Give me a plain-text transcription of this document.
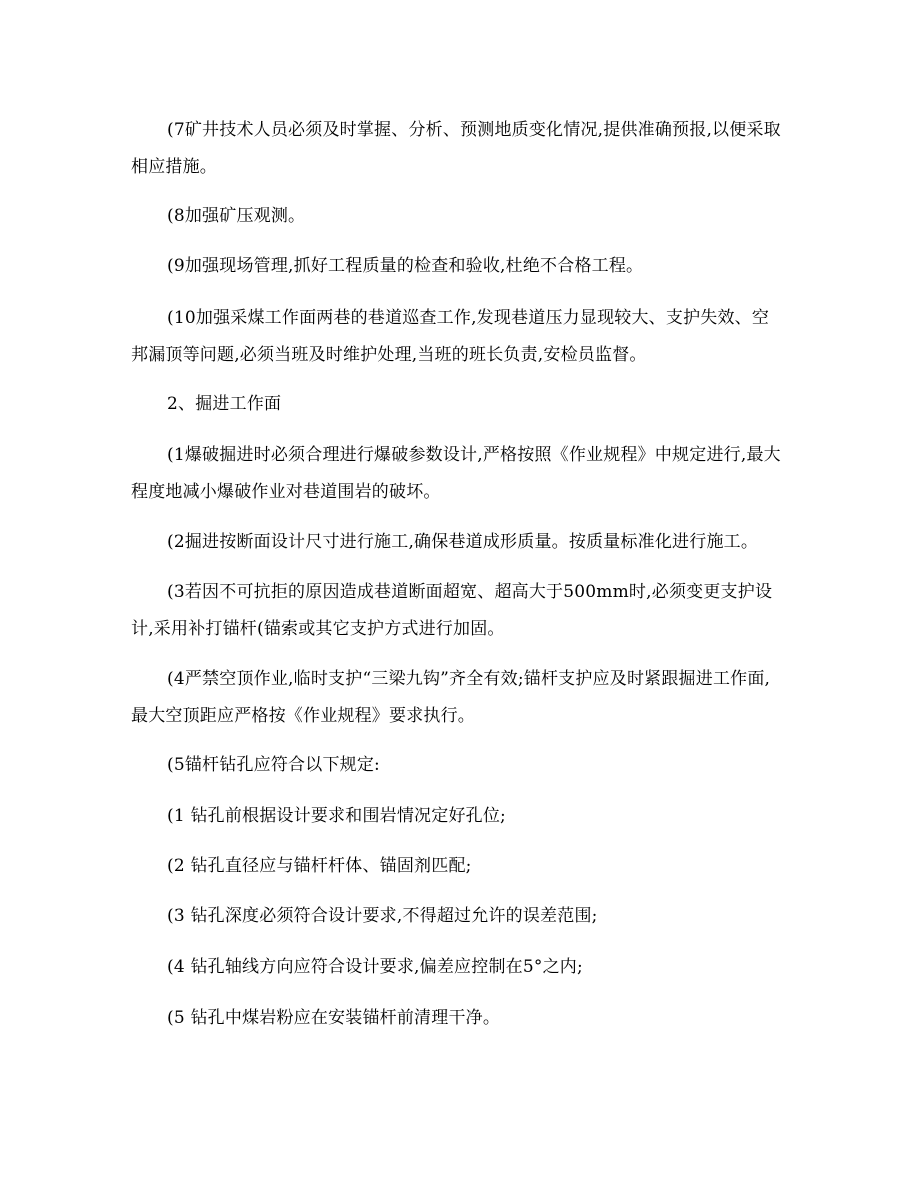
(7矿井技术人员必须及时掌握、分析、预测地质变化情况,提供准确预报,以便采取相应措施。

(8加强矿压观测。

(9加强现场管理,抓好工程质量的检查和验收,杜绝不合格工程。

(10加强采煤工作面两巷的巷道巡查工作,发现巷道压力显现较大、支护失效、空邦漏顶等问题,必须当班及时维护处理,当班的班长负责,安检员监督。

2、掘进工作面

(1爆破掘进时必须合理进行爆破参数设计,严格按照《作业规程》中规定进行,最大程度地减小爆破作业对巷道围岩的破坏。

(2掘进按断面设计尺寸进行施工,确保巷道成形质量。按质量标准化进行施工。

(3若因不可抗拒的原因造成巷道断面超宽、超高大于500mm时,必须变更支护设计,采用补打锚杆(锚索或其它支护方式进行加固。

(4严禁空顶作业,临时支护“三梁九钩”齐全有效;锚杆支护应及时紧跟掘进工作面,最大空顶距应严格按《作业规程》要求执行。

(5锚杆钻孔应符合以下规定:

(1 钻孔前根据设计要求和围岩情况定好孔位;

(2 钻孔直径应与锚杆杆体、锚固剂匹配;

(3 钻孔深度必须符合设计要求,不得超过允许的误差范围;

(4 钻孔轴线方向应符合设计要求,偏差应控制在5°之内;

(5 钻孔中煤岩粉应在安装锚杆前清理干净。
